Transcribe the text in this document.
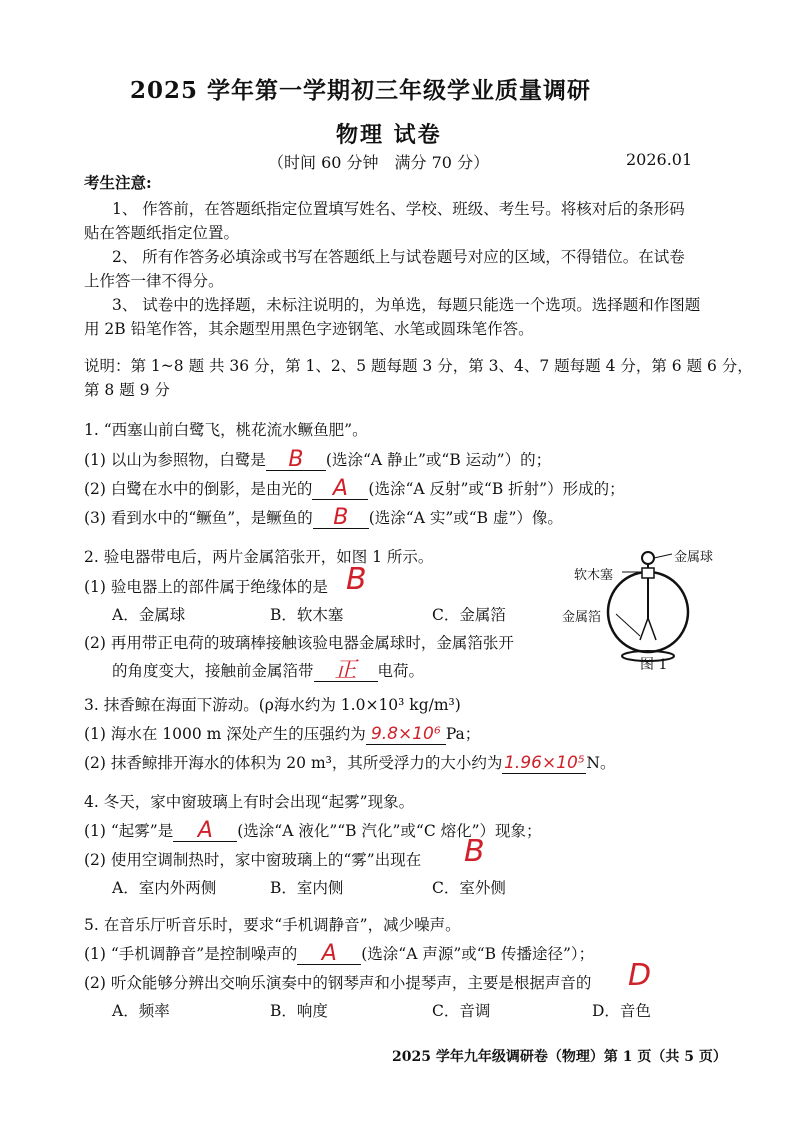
2025 学年第一学期初三年级学业质量调研
物理 试卷
（时间 60 分钟　满分 70 分）	2026.01
考生注意:
1、 作答前，在答题纸指定位置填写姓名、学校、班级、考生号。将核对后的条形码
贴在答题纸指定位置。
2、 所有作答务必填涂或书写在答题纸上与试卷题号对应的区域，不得错位。在试卷
上作答一律不得分。
3、 试卷中的选择题，未标注说明的，为单选，每题只能选一个选项。选择题和作图题
用 2B 铅笔作答，其余题型用黑色字迹钢笔、水笔或圆珠笔作答。
说明：第 1~8 题 共 36 分，第 1、2、5 题每题 3 分，第 3、4、7 题每题 4 分，第 6 题 6 分，
第 8 题 9 分
1. “西塞山前白鹭飞，桃花流水鳜鱼肥”。
(1) 以山为参照物，白鹭是 B (选涂“A 静止”或“B 运动”）的；
(2) 白鹭在水中的倒影，是由光的 A (选涂“A 反射”或“B 折射”）形成的；
(3) 看到水中的“鳜鱼”，是鳜鱼的 B (选涂“A 实”或“B 虚”）像。
2. 验电器带电后，两片金属箔张开，如图 1 所示。
(1) 验电器上的部件属于绝缘体的是 B
A．金属球	B．软木塞	C．金属箔
(2) 再用带正电荷的玻璃棒接触该验电器金属球时，金属箔张开
的角度变大，接触前金属箔带 正 电荷。
金属球
软木塞
金属箔
图 1
3. 抹香鲸在海面下游动。(ρ海水约为 1.0×10³ kg/m³)
(1) 海水在 1000 m 深处产生的压强约为 9.8×10⁶ Pa；
(2) 抹香鲸排开海水的体积为 20 m³，其所受浮力的大小约为 1.96×10⁵ N。
4. 冬天，家中窗玻璃上有时会出现“起雾”现象。
(1) “起雾”是 A (选涂“A 液化”“B 汽化”或“C 熔化”）现象；
(2) 使用空调制热时，家中窗玻璃上的“雾”出现在 B
A．室内外两侧	B．室内侧	C．室外侧
5. 在音乐厅听音乐时，要求“手机调静音”，减少噪声。
(1) “手机调静音”是控制噪声的 A (选涂“A 声源”或“B 传播途径”）；
(2) 听众能够分辨出交响乐演奏中的钢琴声和小提琴声，主要是根据声音的 D
A．频率	B．响度	C．音调	D．音色
2025 学年九年级调研卷（物理）第 1 页（共 5 页）
